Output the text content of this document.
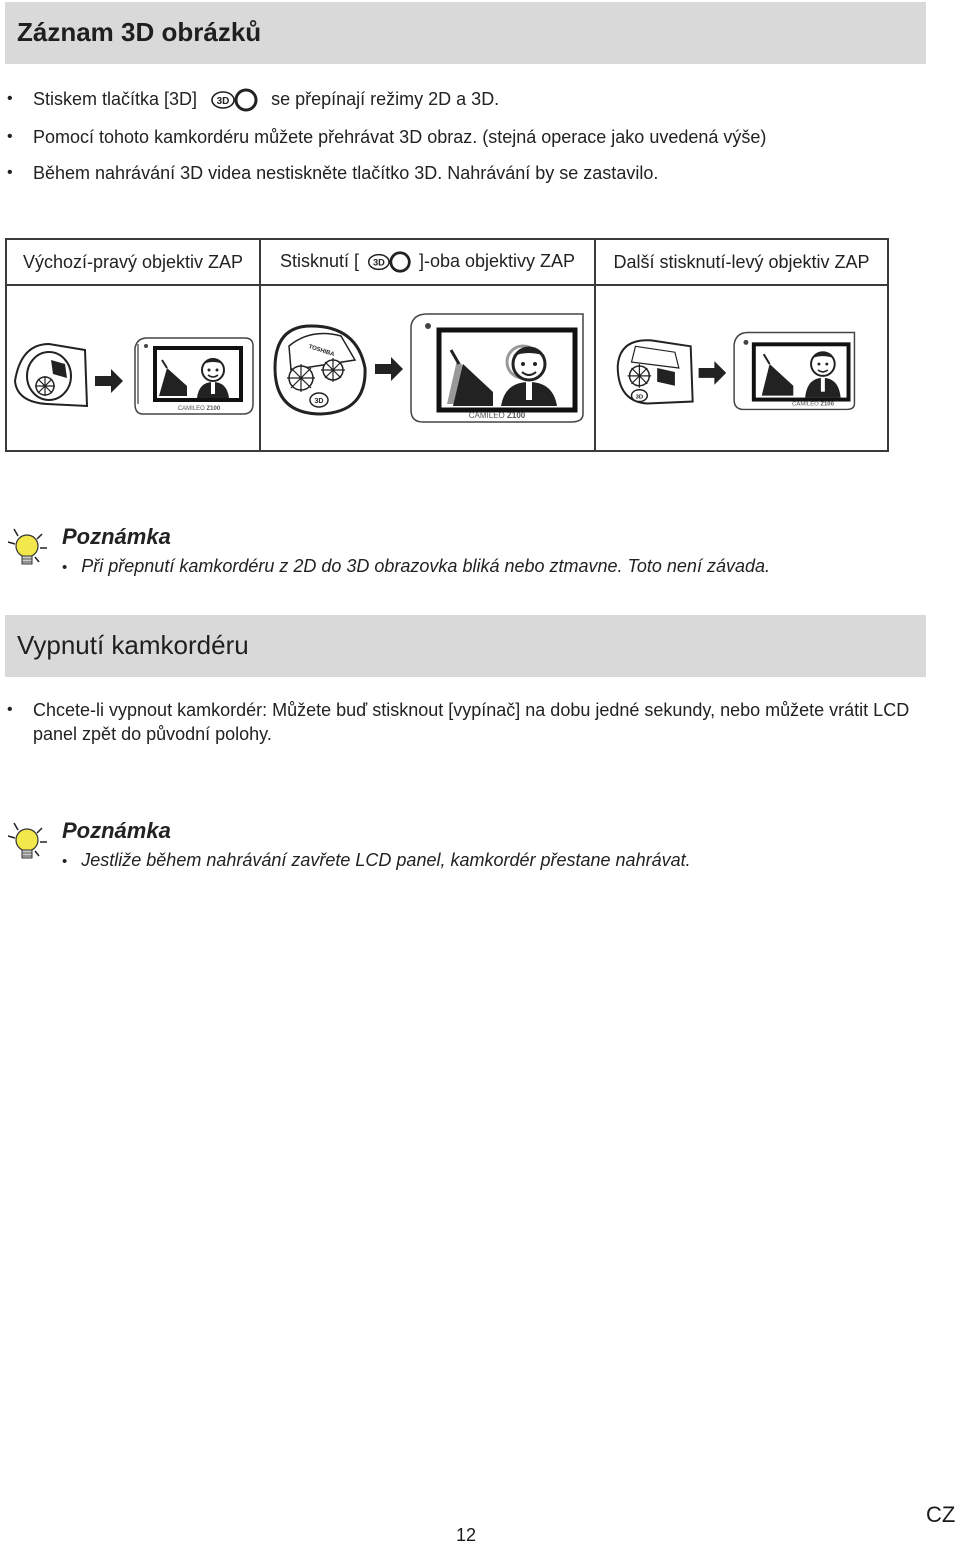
Záznam 3D obrázků
• Stiskem tlačítka [3D] 3D se přepínají režimy 2D a 3D.
• Pomocí tohoto kamkordéru můžete přehrávat 3D obraz. (stejná operace jako uvedená výše)
• Během nahrávání 3D videa nestiskněte tlačítko 3D. Nahrávání by se zastavilo.
Výchozí-pravý objektiv ZAP	Stisknutí [ 3D ]-oba objektivy ZAP	Další stisknutí-levý objektiv ZAP

CAMILEO Z100	TOSHIBA
3D
CAMILEO Z100	3D
CAMILEO Z100
Poznámka
• Při přepnutí kamkordéru z 2D do 3D obrazovka bliká nebo ztmavne. Toto není závada.
Vypnutí kamkordéru
• Chcete-li vypnout kamkordér: Můžete buď stisknout [vypínač] na dobu jedné sekundy, nebo můžete vrátit LCD panel zpět do původní polohy.
Poznámka
• Jestliže během nahrávání zavřete LCD panel, kamkordér přestane nahrávat.
12
CZ
